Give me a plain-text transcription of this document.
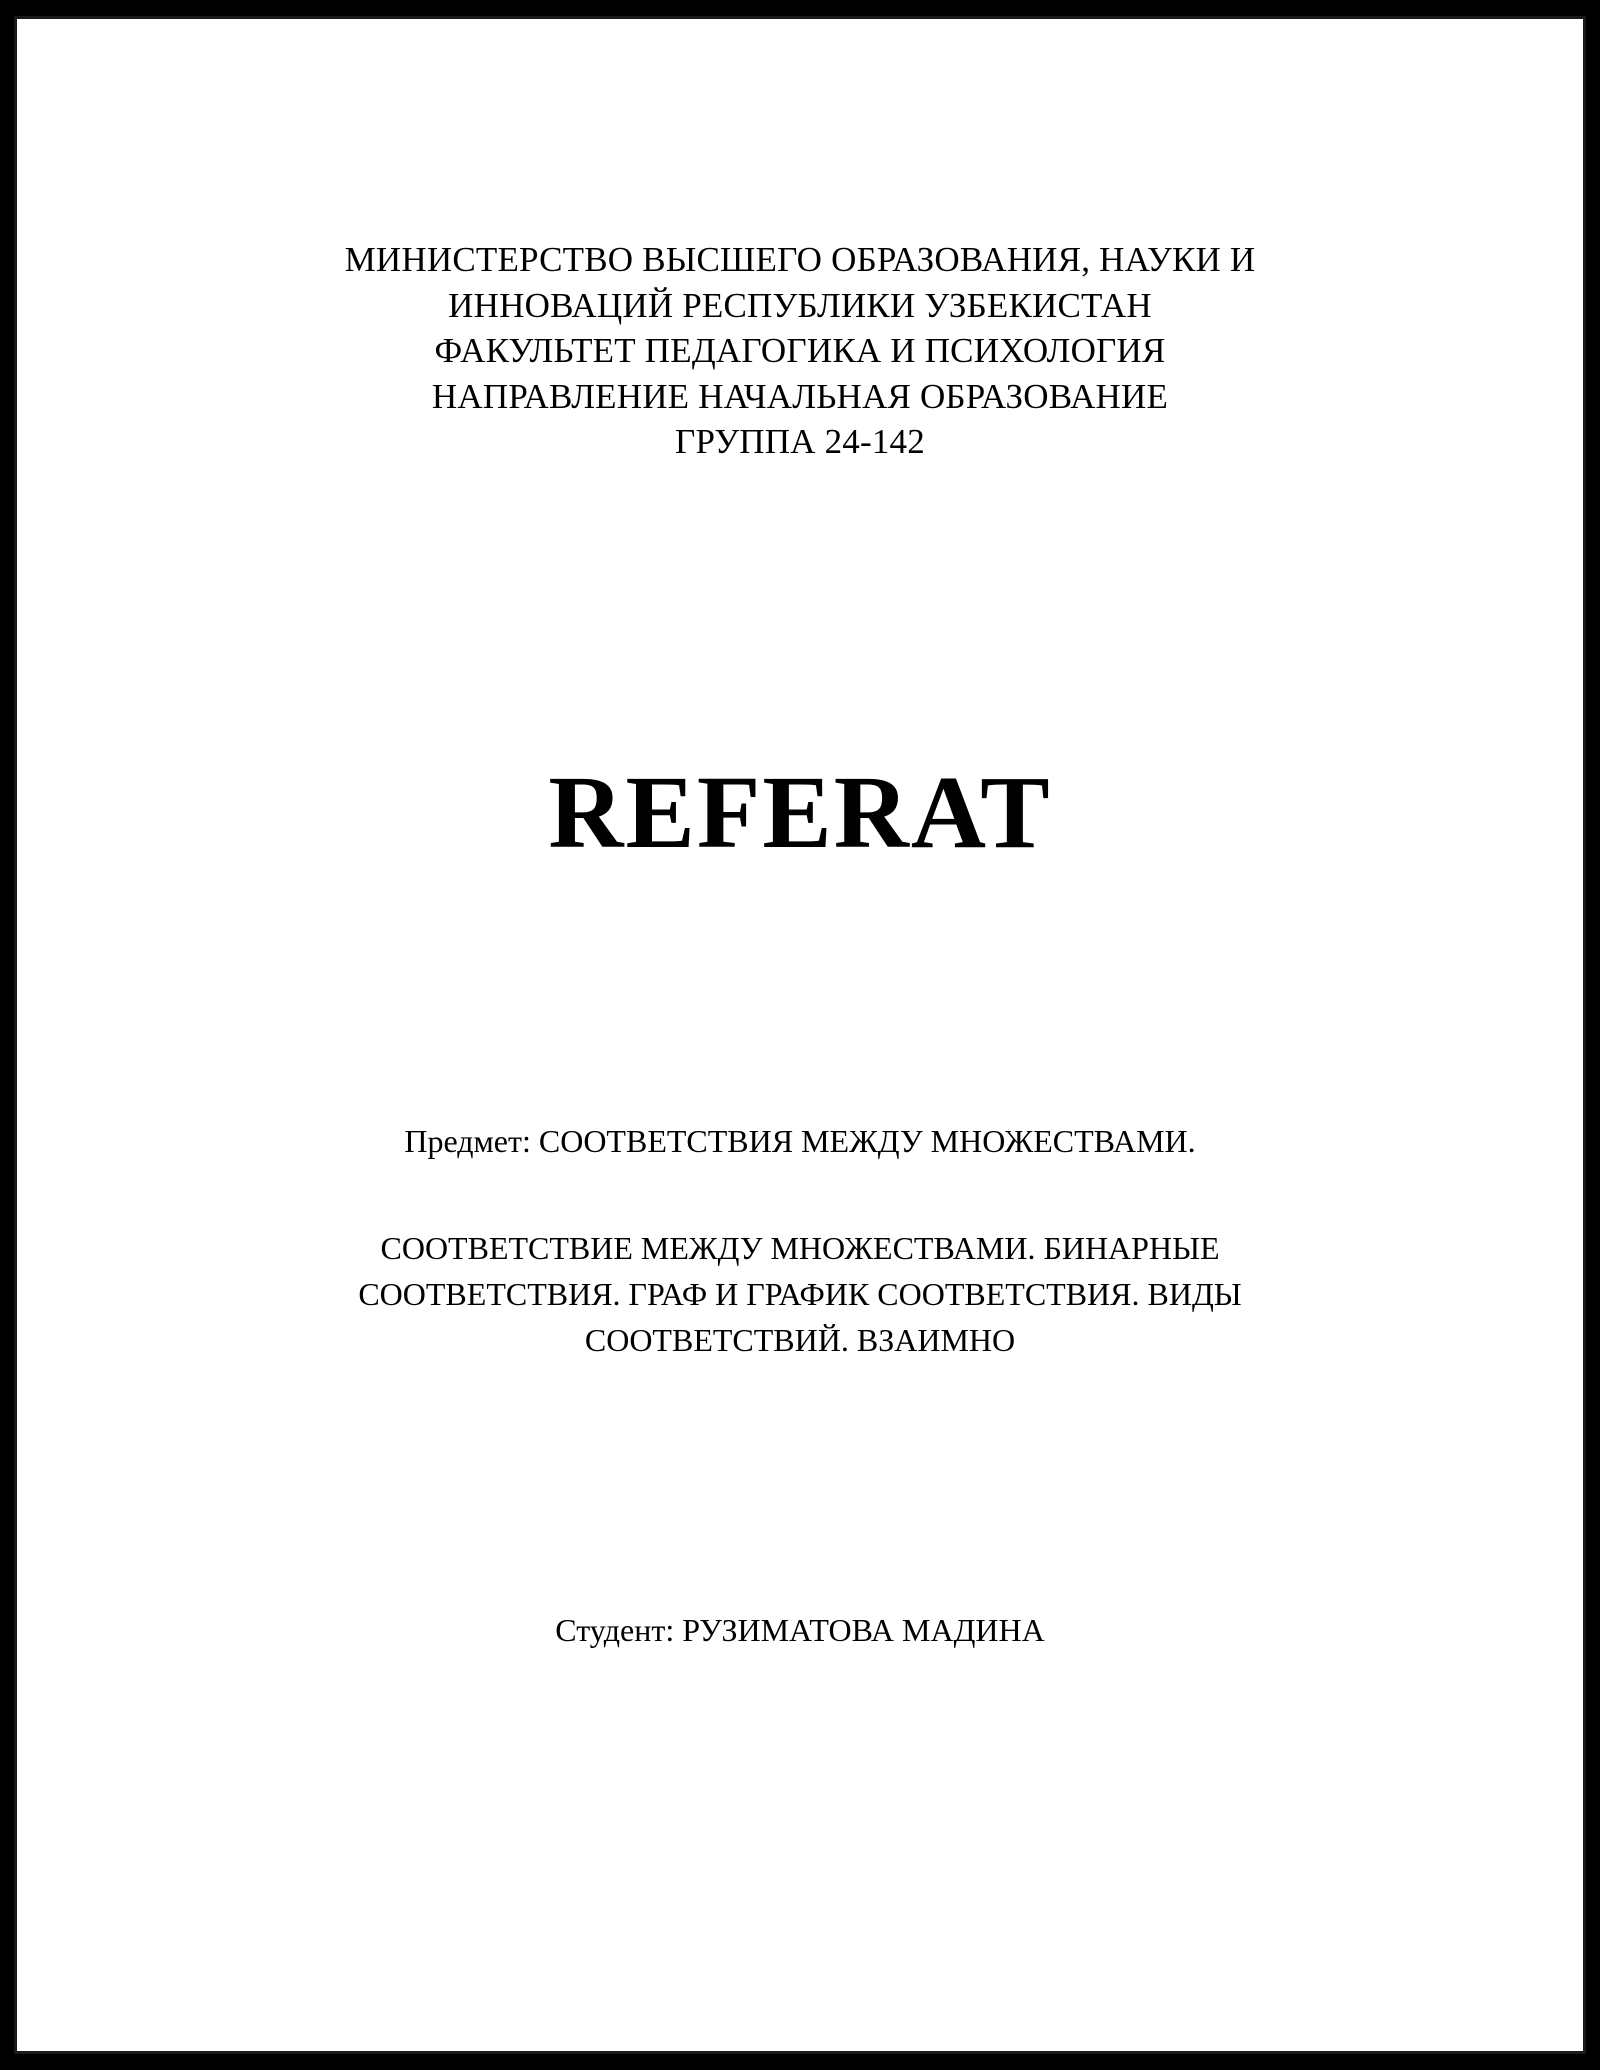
МИНИСТЕРСТВО ВЫСШЕГО ОБРАЗОВАНИЯ, НАУКИ И
ИННОВАЦИЙ РЕСПУБЛИКИ УЗБЕКИСТАН
ФАКУЛЬТЕТ ПЕДАГОГИКА И ПСИХОЛОГИЯ
НАПРАВЛЕНИЕ НАЧАЛЬНАЯ ОБРАЗОВАНИЕ
ГРУППА 24-142
REFERAT
Предмет: СООТВЕТСТВИЯ МЕЖДУ МНОЖЕСТВАМИ.
СООТВЕТСТВИЕ МЕЖДУ МНОЖЕСТВАМИ. БИНАРНЫЕ
СООТВЕТСТВИЯ. ГРАФ И ГРАФИК СООТВЕТСТВИЯ. ВИДЫ
СООТВЕТСТВИЙ. ВЗАИМНО
Студент: РУЗИМАТОВА МАДИНА
